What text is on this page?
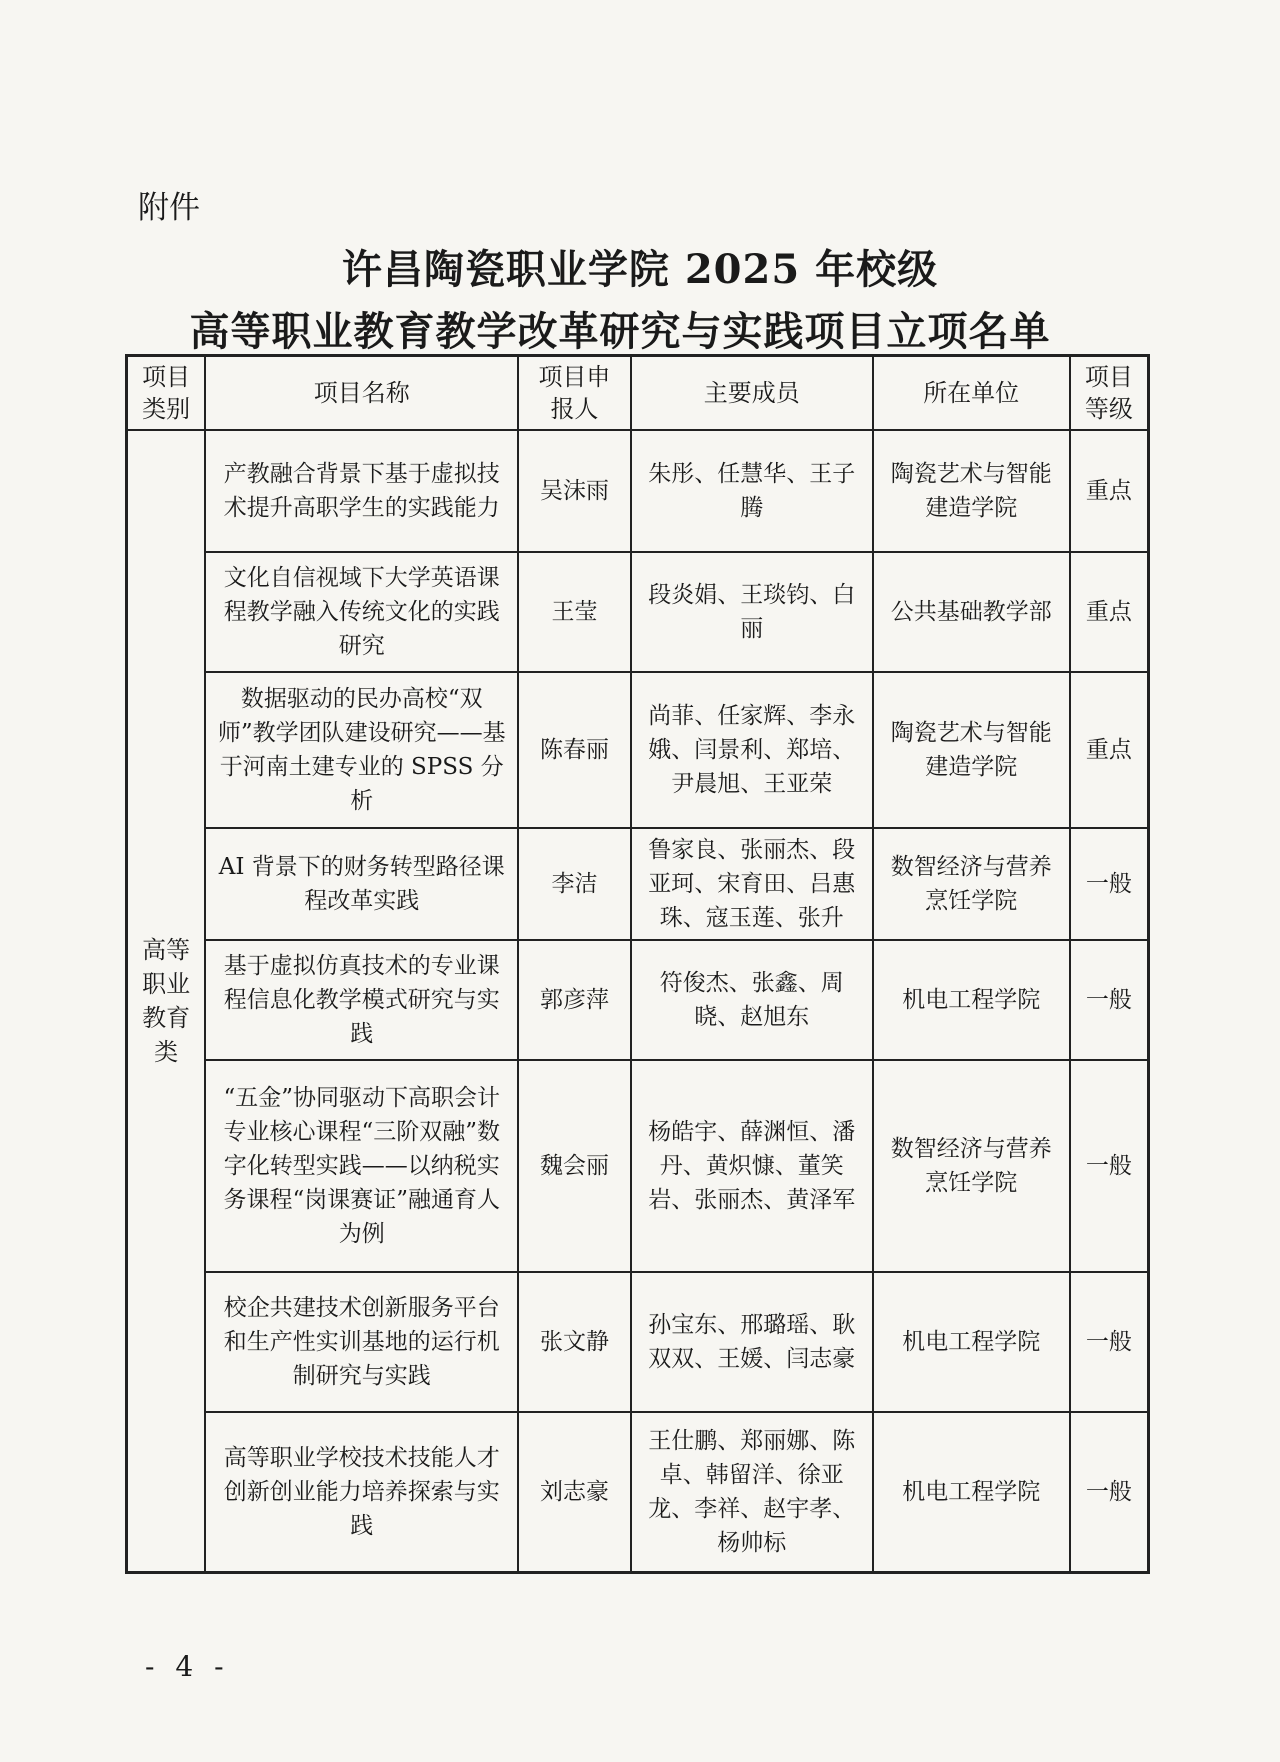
附件
许昌陶瓷职业学院 2025 年校级
高等职业教育教学改革研究与实践项目立项名单
项目类别	项目名称	项目申报人	主要成员	所在单位	项目等级
高等职业教育类	产教融合背景下基于虚拟技术提升高职学生的实践能力	吴沫雨	朱彤、任慧华、王子腾	陶瓷艺术与智能建造学院	重点
	文化自信视域下大学英语课程教学融入传统文化的实践研究	王莹	段炎娟、王琰钧、白丽	公共基础教学部	重点
	数据驱动的民办高校“双师”教学团队建设研究——基于河南土建专业的 SPSS 分析	陈春丽	尚菲、任家辉、李永娥、闫景利、郑培、尹晨旭、王亚荣	陶瓷艺术与智能建造学院	重点
	AI 背景下的财务转型路径课程改革实践	李洁	鲁家良、张丽杰、段亚珂、宋育田、吕惠珠、寇玉莲、张升	数智经济与营养烹饪学院	一般
	基于虚拟仿真技术的专业课程信息化教学模式研究与实践	郭彦萍	符俊杰、张鑫、周晓、赵旭东	机电工程学院	一般
	“五金”协同驱动下高职会计专业核心课程“三阶双融”数字化转型实践——以纳税实务课程“岗课赛证”融通育人为例	魏会丽	杨皓宇、薛渊恒、潘丹、黄炽慷、董笑岩、张丽杰、黄泽军	数智经济与营养烹饪学院	一般
	校企共建技术创新服务平台和生产性实训基地的运行机制研究与实践	张文静	孙宝东、邢璐瑶、耿双双、王媛、闫志豪	机电工程学院	一般
	高等职业学校技术技能人才创新创业能力培养探索与实践	刘志豪	王仕鹏、郑丽娜、陈卓、韩留洋、徐亚龙、李祥、赵宇孝、杨帅标	机电工程学院	一般
- 4 -
